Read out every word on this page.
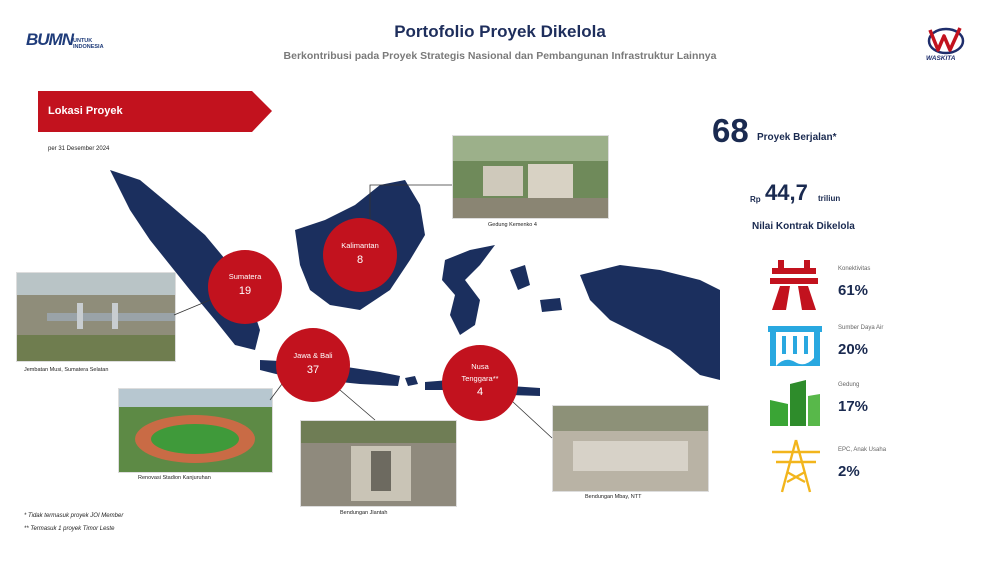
Portofolio Proyek Dikelola
Berkontribusi pada Proyek Strategis Nasional dan Pembangunan Infrastruktur Lainnya
BUMN UNTUK
INDONESIA
WASKITA
Lokasi Proyek
per 31 Desember 2024
Gedung Kemenko 4
Jembatan Musi, Sumatera Selatan
Renovasi Stadion Kanjuruhan
Bendungan Jlantah
Bendungan Mbay, NTT
Sumatera
19
Kalimantan
8
Jawa & Bali
37	Nusa
Tenggara**
4
68 Proyek Berjalan*
Rp 44,7 triliun
Nilai Kontrak Dikelola
Konektivitas
61%
Sumber Daya Air
20%
Gedung
17%
EPC, Anak Usaha
2%
* Tidak termasuk proyek JOI Member
** Termasuk 1 proyek Timor Leste
